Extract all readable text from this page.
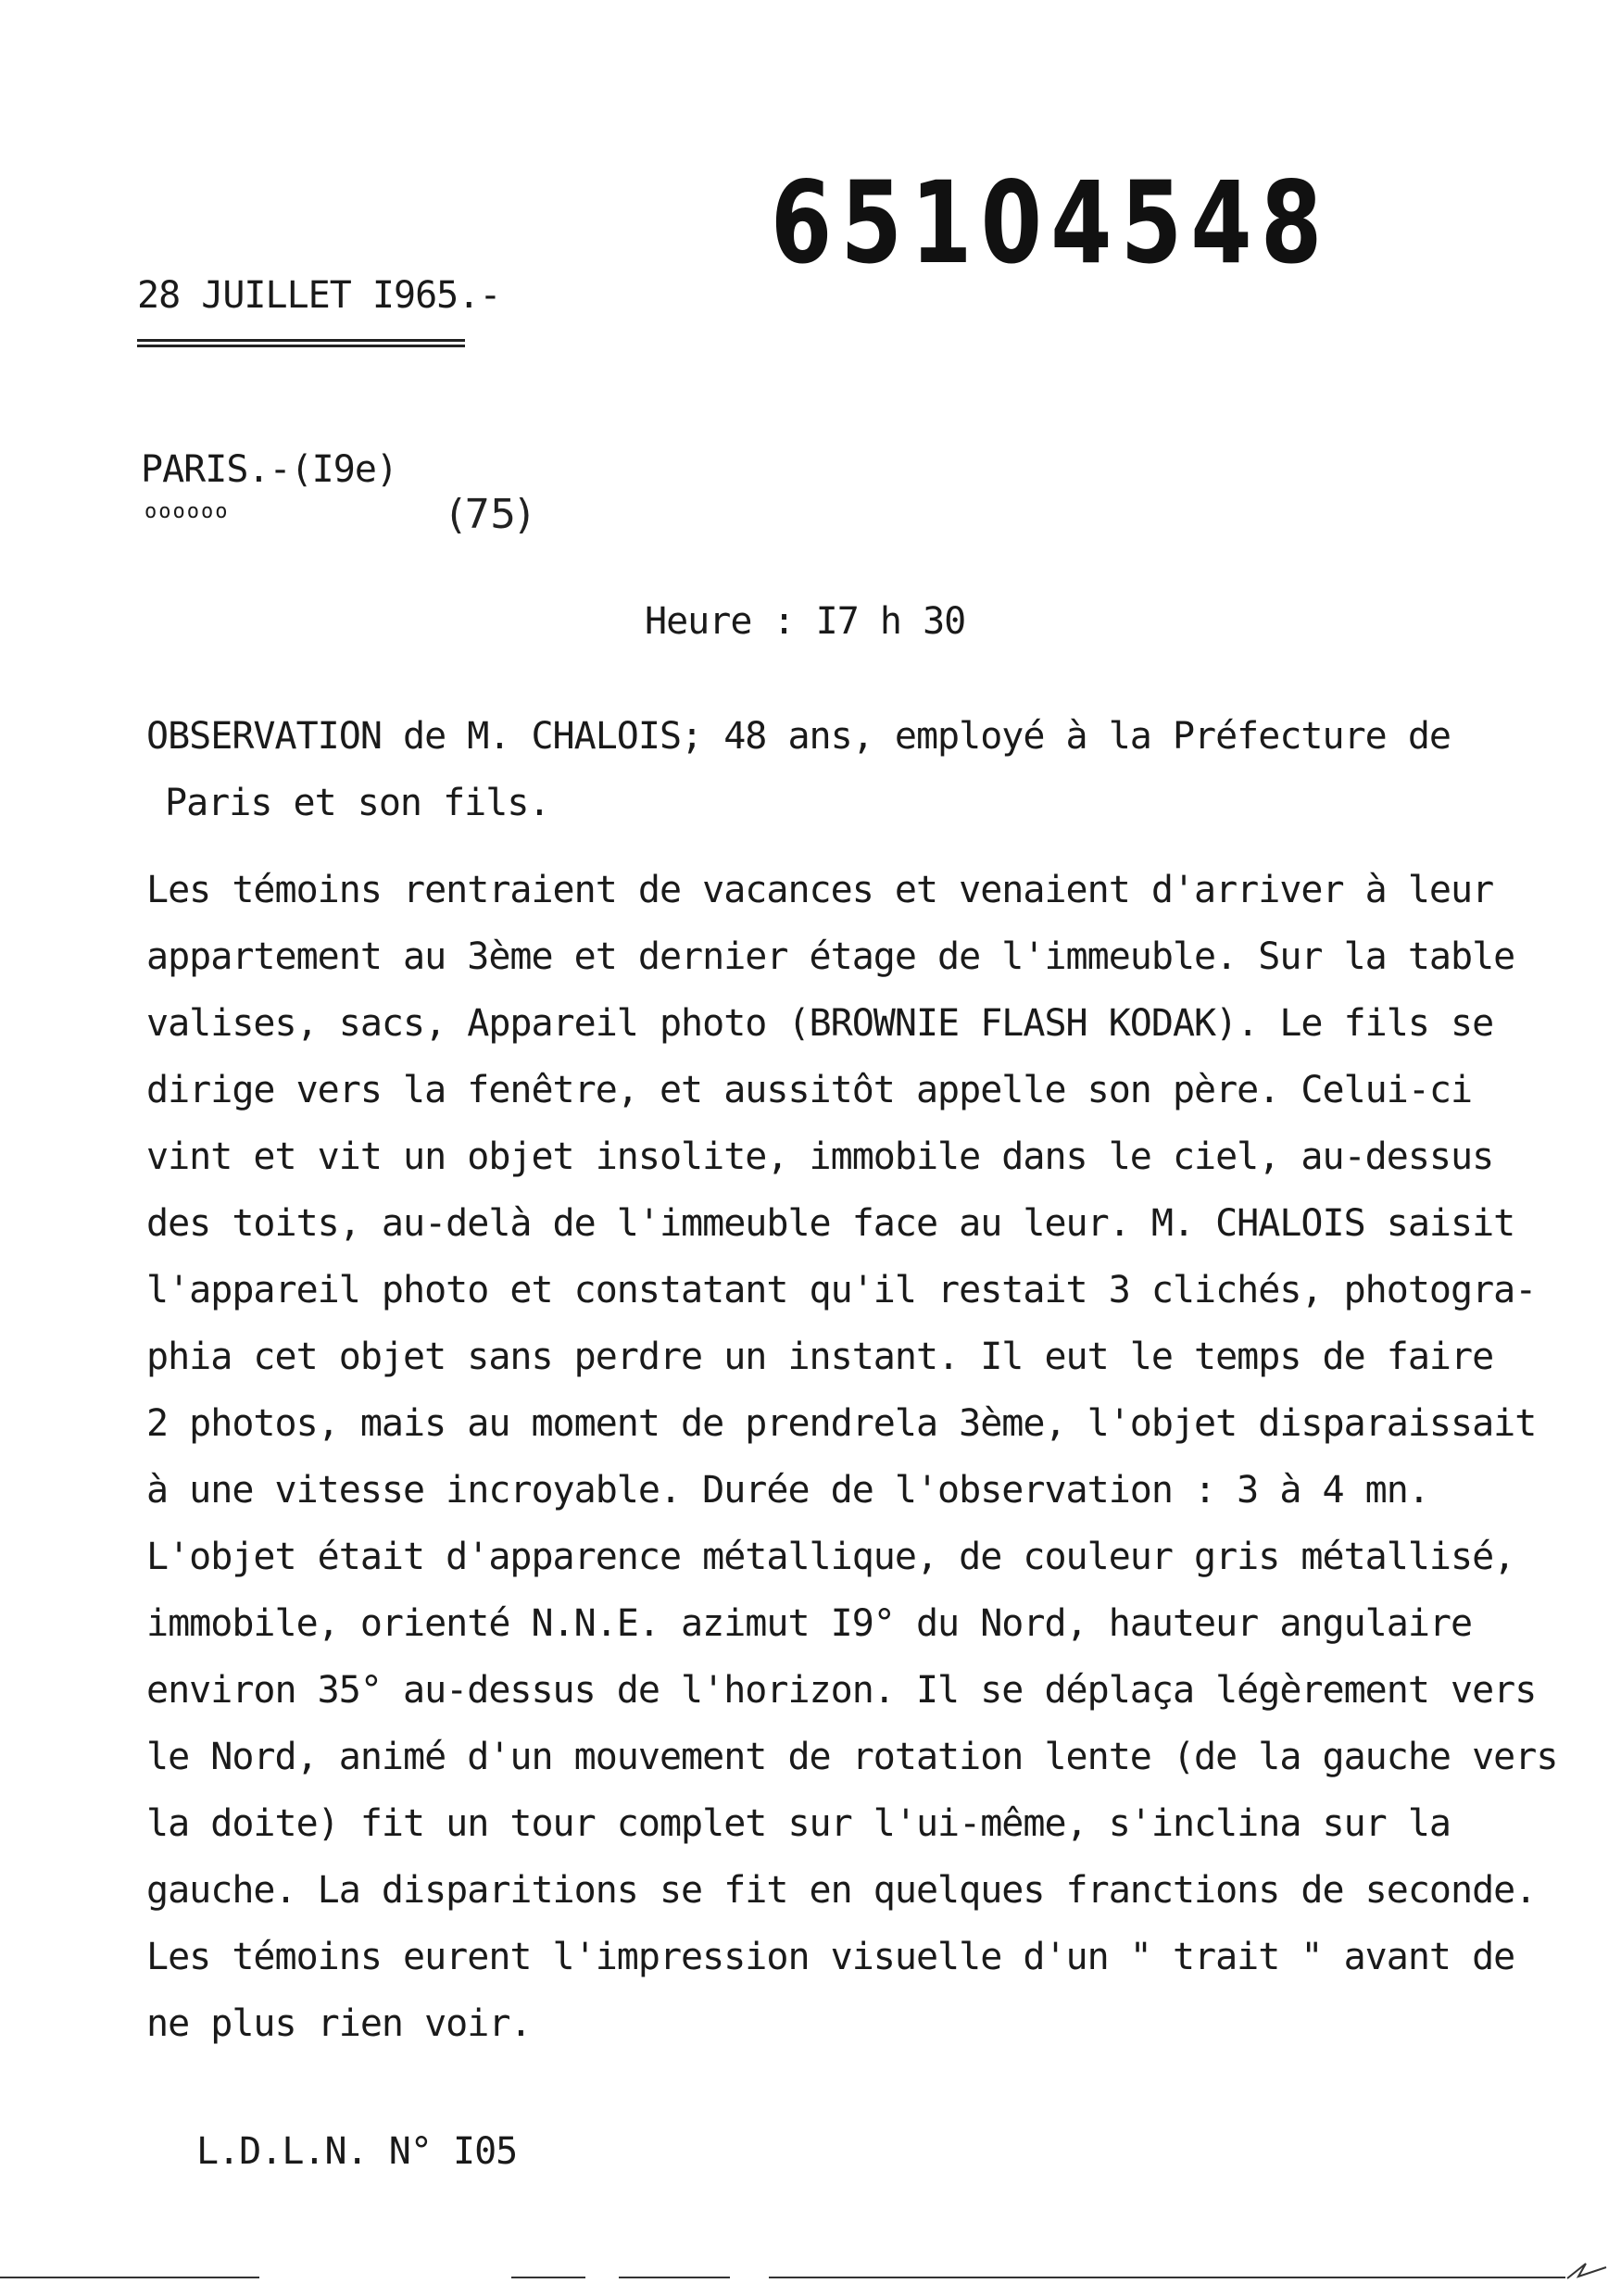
65104548
28 JUILLET I965.-
PARIS.-(I9e)
oooooo	(75)
Heure : I7 h 30
OBSERVATION de M. CHALOIS; 48 ans, employé à la Préfecture de
Paris et son fils.
Les témoins rentraient de vacances et venaient d'arriver à leur
appartement au 3ème et dernier étage de l'immeuble. Sur la table
valises, sacs, Appareil photo (BROWNIE FLASH KODAK). Le fils se
dirige vers la fenêtre, et aussitôt appelle son père. Celui-ci
vint et vit un objet insolite, immobile dans le ciel, au-dessus
des toits, au-delà de l'immeuble face au leur. M. CHALOIS saisit
l'appareil photo et constatant qu'il restait 3 clichés, photogra-
phia cet objet sans perdre un instant. Il eut le temps de faire
2 photos, mais au moment de prendrela 3ème, l'objet disparaissait
à une vitesse incroyable. Durée de l'observation : 3 à 4 mn.
L'objet était d'apparence métallique, de couleur gris métallisé,
immobile, orienté N.N.E. azimut I9° du Nord, hauteur angulaire
environ 35° au-dessus de l'horizon. Il se déplaça légèrement vers
le Nord, animé d'un mouvement de rotation lente (de la gauche vers
la doite) fit un tour complet sur l'ui-même, s'inclina sur la
gauche. La disparitions se fit en quelques franctions de seconde.
Les témoins eurent l'impression visuelle d'un " trait " avant de
ne plus rien voir.
L.D.L.N. N° I05
